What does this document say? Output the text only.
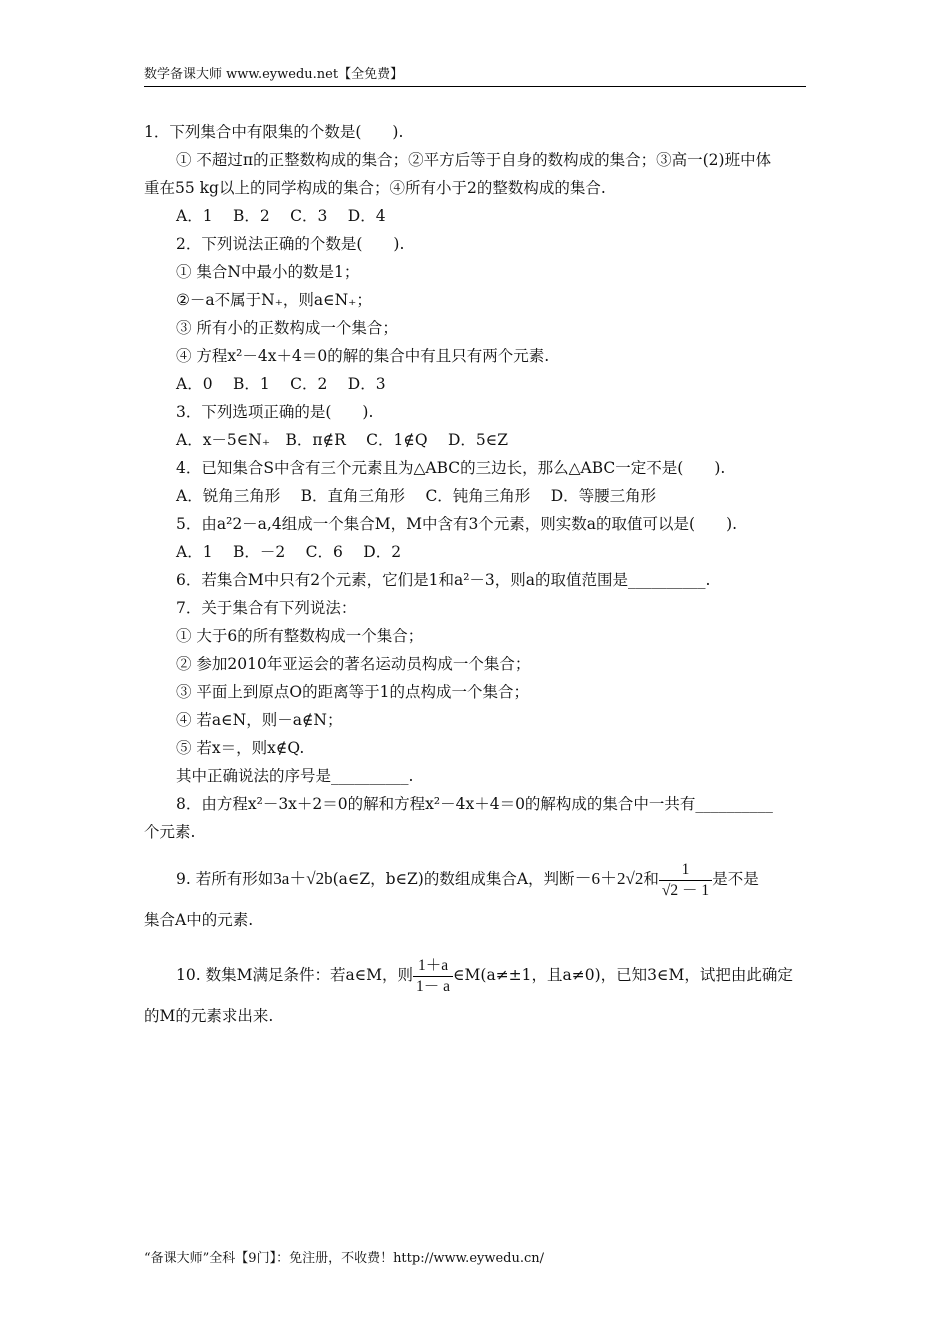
数学备课大师 www.eywedu.net【全免费】
1．下列集合中有限集的个数是(　　).
① 不超过π的正整数构成的集合；②平方后等于自身的数构成的集合；③高一(2)班中体
重在55 kg以上的同学构成的集合；④所有小于2的整数构成的集合.
A．1　 B．2　 C．3　 D．4
2．下列说法正确的个数是(　　).
① 集合N中最小的数是1；
②－a不属于N₊，则a∈N₊；
③ 所有小的正数构成一个集合；
④ 方程x²－4x＋4＝0的解的集合中有且只有两个元素.
A．0　 B．1　 C．2　 D．3
3．下列选项正确的是(　　).
A．x－5∈N₊　B．π∉R　 C．1∉Q　 D．5∈Z
4．已知集合S中含有三个元素且为△ABC的三边长，那么△ABC一定不是(　　).
A．锐角三角形　 B．直角三角形　 C．钝角三角形　 D．等腰三角形
5．由a²2－a,4组成一个集合M，M中含有3个元素，则实数a的取值可以是(　　).
A．1　 B．－2　 C．6　 D．2
6．若集合M中只有2个元素，它们是1和a²－3，则a的取值范围是__________.
7．关于集合有下列说法：
① 大于6的所有整数构成一个集合；
② 参加2010年亚运会的著名运动员构成一个集合；
③ 平面上到原点O的距离等于1的点构成一个集合；
④ 若a∈N，则－a∉N；
⑤ 若x＝，则x∉Q.
其中正确说法的序号是__________.
8．由方程x²－3x＋2＝0的解和方程x²－4x＋4＝0的解构成的集合中一共有__________
个元素.
9. 若所有形如3a＋√2b(a∈Z，b∈Z)的数组成集合A，判断－6＋2√2和 $\frac{1}{√2 - 1}$ 是不是
集合A中的元素.
10. 数集M满足条件：若a∈M，则 $\frac{1+a}{1- a}$ ∈M(a≠±1，且a≠0)，已知3∈M，试把由此确定
的M的元素求出来.
“备课大师”全科【9门】：免注册，不收费！http://www.eywedu.cn/
